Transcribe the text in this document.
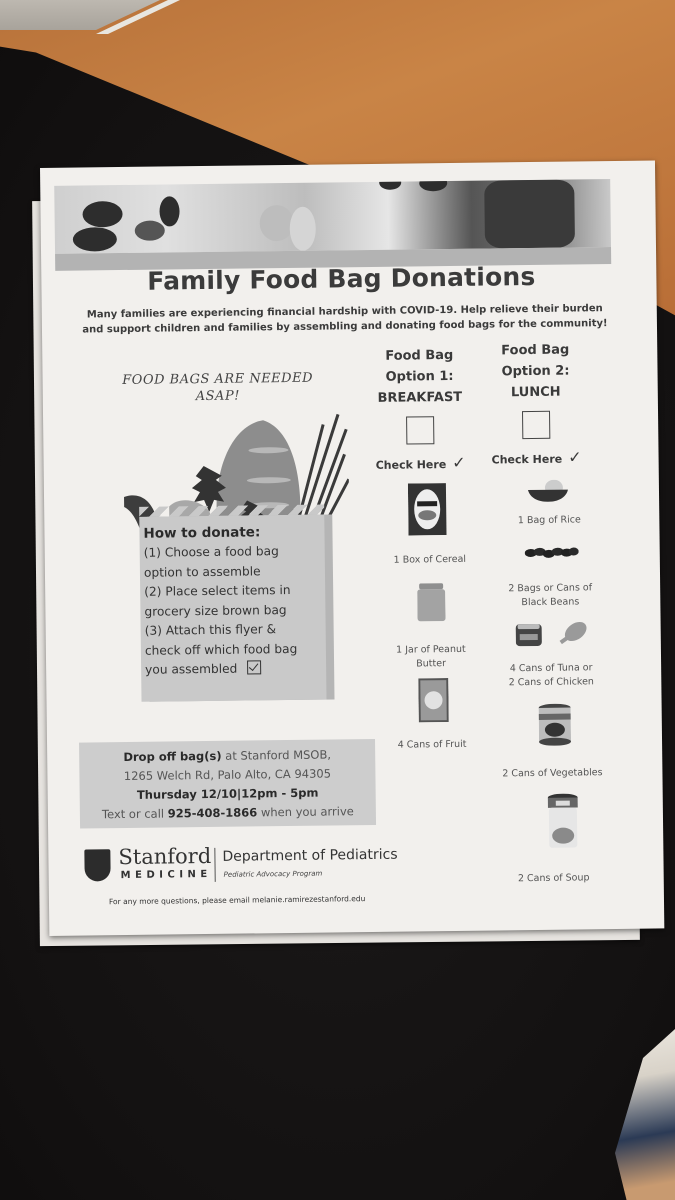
Family Food Bag Donations
Many families are experiencing financial hardship with COVID-19. Help relieve their burden
and support children and families by assembling and donating food bags for the community!
FOOD BAGS ARE NEEDED
ASAP!
How to donate:
(1) Choose a food bag
option to assemble
(2) Place select items in
grocery size brown bag
(3) Attach this flyer &
check off which food bag
you assembled
Food Bag
Option 1:
BREAKFAST
Check Here ✓
Food Bag
Option 2:
LUNCH
Check Here ✓
1 Box of Cereal
1 Jar of Peanut
Butter
4 Cans of Fruit
1 Bag of Rice
2 Bags or Cans of
Black Beans
4 Cans of Tuna or
2 Cans of Chicken
2 Cans of Vegetables
2 Cans of Soup
Drop off bag(s) at Stanford MSOB,
1265 Welch Rd, Palo Alto, CA 94305
Thursday 12/10|12pm - 5pm
Text or call 925-408-1866 when you arrive
Stanford
MEDICINE
Department of Pediatrics
Pediatric Advocacy Program
For any more questions, please email melanie.ramirezestanford.edu
